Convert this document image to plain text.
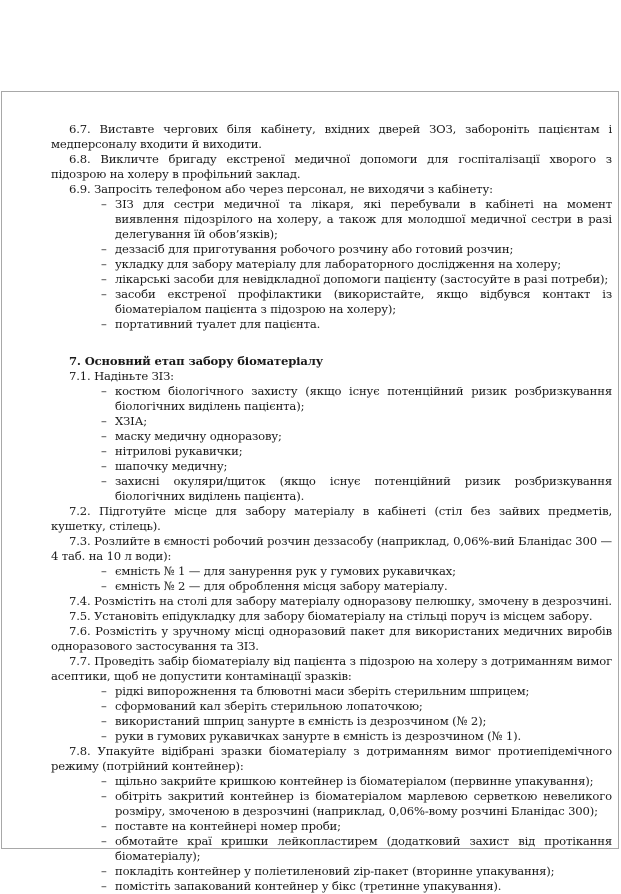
6.7. Виставте чергових біля кабінету, вхідних дверей ЗОЗ, забороніть пацієнтам і медперсоналу входити й виходити.

6.8. Викличте бригаду екстреної медичної допомоги для госпіталізації хворого з підозрою на холеру в профільний заклад.

6.9. Запросіть телефоном або через персонал, не виходячи з кабінету:

– ЗІЗ для сестри медичної та лікаря, які перебували в кабінеті на момент виявлення підозрілого на холеру, а також для молодшої медичної сестри в разі делегування їй обов’язків);
– деззасіб для приготування робочого розчину або готовий розчин;
– укладку для забору матеріалу для лабораторного дослідження на холеру;
– лікарські засоби для невідкладної допомоги пацієнту (застосуйте в разі потреби);
– засоби екстреної профілактики (використайте, якщо відбувся контакт із біоматеріалом пацієнта з підозрою на холеру);
– портативний туалет для пацієнта.

7. Основний етап забору біоматеріалу

7.1. Надіньте ЗІЗ:

– костюм біологічного захисту (якщо існує потенційний ризик розбризкування біологічних виділень пацієнта);
– ХЗІА;
– маску медичну одноразову;
– нітрилові рукавички;
– шапочку медичну;
– захисні окуляри/щиток (якщо існує потенційний ризик розбризкування біологічних виділень пацієнта).

7.2. Підготуйте місце для забору матеріалу в кабінеті (стіл без зайвих предметів, кушетку, стілець).

7.3. Розлийте в ємності робочий розчин деззасобу (наприклад, 0,06%-вий Бланідас 300 — 4 таб. на 10 л води):

– ємність № 1 — для занурення рук у гумових рукавичках;
– ємність № 2 — для оброблення місця забору матеріалу.

7.4. Розмістіть на столі для забору матеріалу одноразову пелюшку, змочену в дезрозчині.

7.5. Установіть епідукладку для забору біоматеріалу на стільці поруч із місцем забору.

7.6. Розмістіть у зручному місці одноразовий пакет для використаних медичних виробів одноразового застосування та ЗІЗ.

7.7. Проведіть забір біоматеріалу від пацієнта з підозрою на холеру з дотриманням вимог асептики, щоб не допустити контамінації зразків:

– рідкі випорожнення та блювотні маси зберіть стерильним шприцем;
– сформований кал зберіть стерильною лопаточкою;
– використаний шприц занурте в ємність із дезрозчином (№ 2);
– руки в гумових рукавичках занурте в ємність із дезрозчином (№ 1).

7.8. Упакуйте відібрані зразки біоматеріалу з дотриманням вимог протиепідемічного режиму (потрійний контейнер):

– щільно закрийте кришкою контейнер із біоматеріалом (первинне упакування);
– обітріть закритий контейнер із біоматеріалом марлевою серветкою невеликого розміру, змоченою в дезрозчині (наприклад, 0,06%-вому розчині Бланідас 300);
– поставте на контейнері номер проби;
– обмотайте краї кришки лейкопластирем (додатковий захист від протікання біоматеріалу);
– покладіть контейнер у поліетиленовий zip-пакет (вторинне упакування);
– помістіть запакований контейнер у бікс (третинне упакування).
